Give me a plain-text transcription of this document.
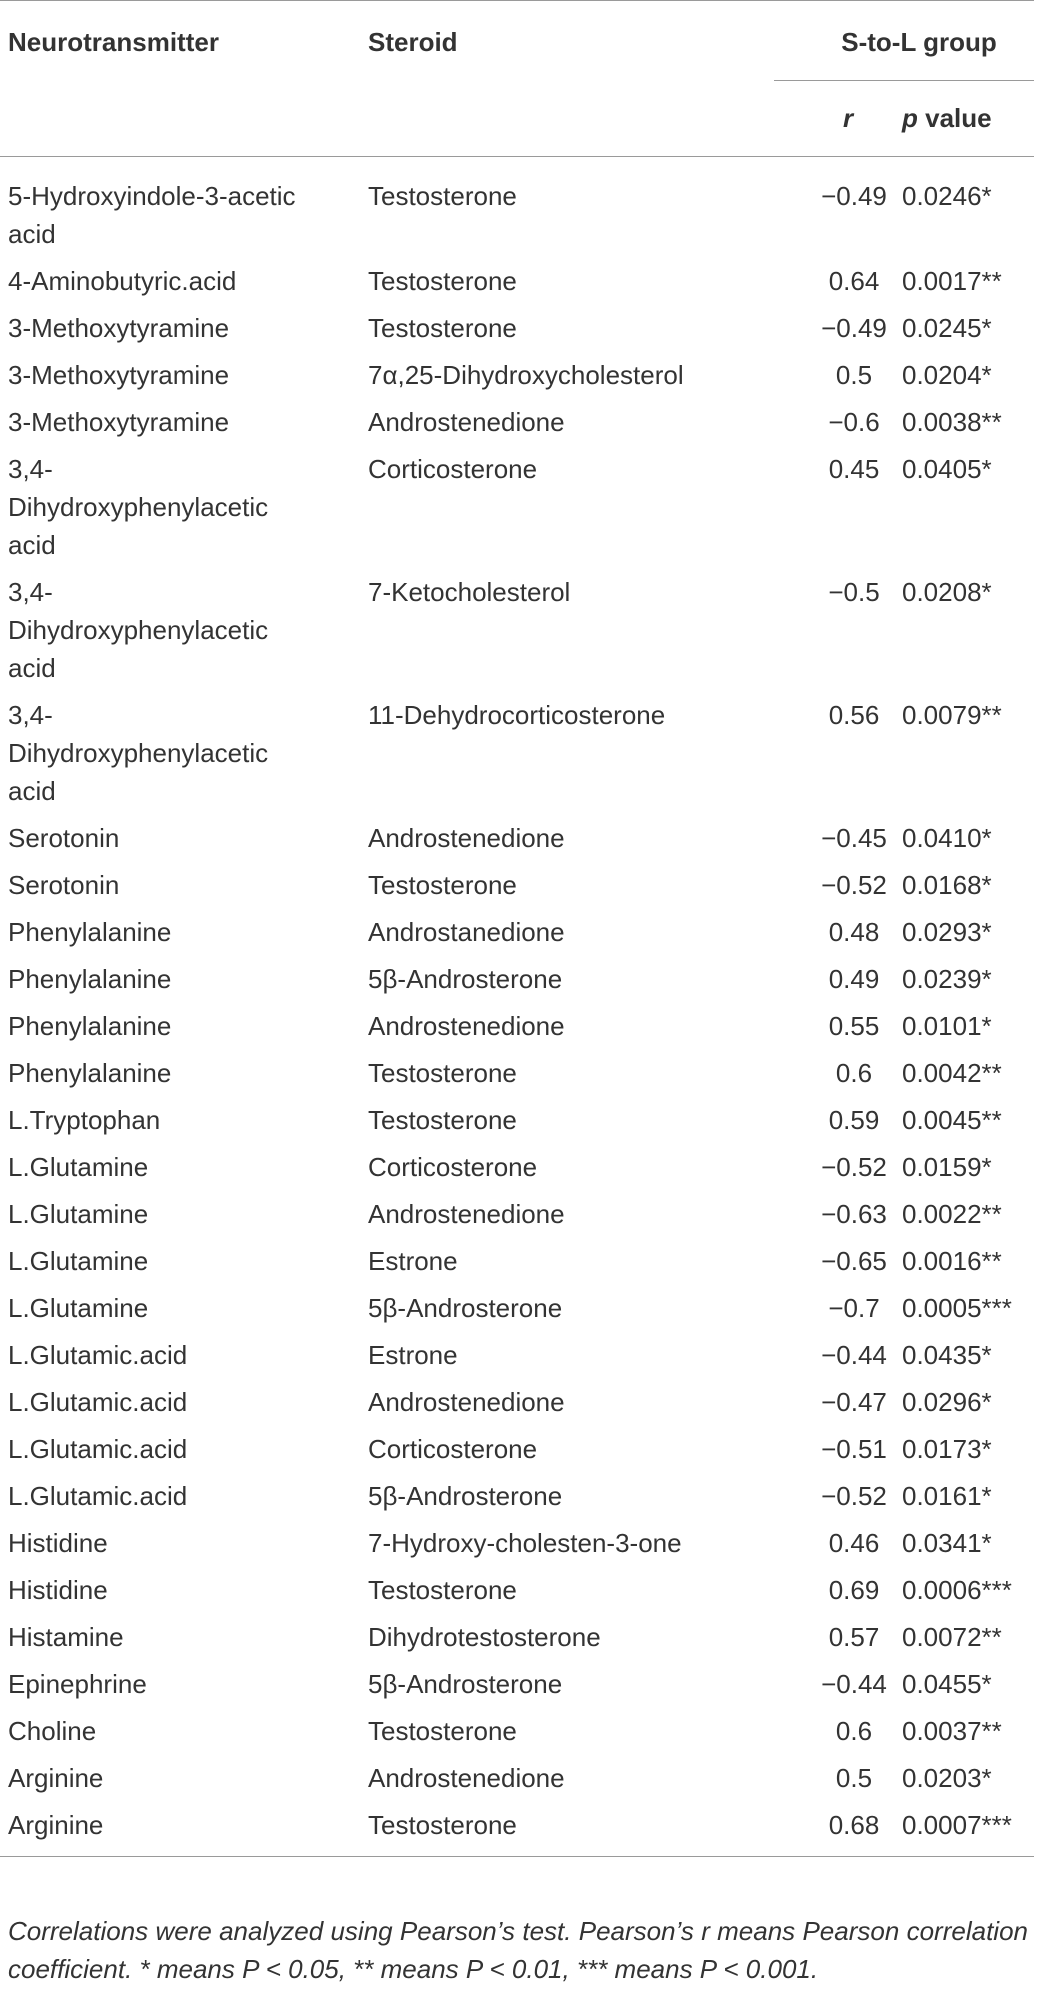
Neurotransmitter	Steroid	S-to-L group	
		r	p value
5-Hydroxyindole-3-acetic acid	Testosterone	−0.49	0.0246*
4-Aminobutyric.acid	Testosterone	0.64	0.0017**
3-Methoxytyramine	Testosterone	−0.49	0.0245*
3-Methoxytyramine	7α,25-Dihydroxycholesterol	0.5	0.0204*
3-Methoxytyramine	Androstenedione	−0.6	0.0038**
3,4-Dihydroxyphenylacetic acid	Corticosterone	0.45	0.0405*
3,4-Dihydroxyphenylacetic acid	7-Ketocholesterol	−0.5	0.0208*
3,4-Dihydroxyphenylacetic acid	11-Dehydrocorticosterone	0.56	0.0079**
Serotonin	Androstenedione	−0.45	0.0410*
Serotonin	Testosterone	−0.52	0.0168*
Phenylalanine	Androstanedione	0.48	0.0293*
Phenylalanine	5β-Androsterone	0.49	0.0239*
Phenylalanine	Androstenedione	0.55	0.0101*
Phenylalanine	Testosterone	0.6	0.0042**
L.Tryptophan	Testosterone	0.59	0.0045**
L.Glutamine	Corticosterone	−0.52	0.0159*
L.Glutamine	Androstenedione	−0.63	0.0022**
L.Glutamine	Estrone	−0.65	0.0016**
L.Glutamine	5β-Androsterone	−0.7	0.0005***
L.Glutamic.acid	Estrone	−0.44	0.0435*
L.Glutamic.acid	Androstenedione	−0.47	0.0296*
L.Glutamic.acid	Corticosterone	−0.51	0.0173*
L.Glutamic.acid	5β-Androsterone	−0.52	0.0161*
Histidine	7-Hydroxy-cholesten-3-one	0.46	0.0341*
Histidine	Testosterone	0.69	0.0006***
Histamine	Dihydrotestosterone	0.57	0.0072**
Epinephrine	5β-Androsterone	−0.44	0.0455*
Choline	Testosterone	0.6	0.0037**
Arginine	Androstenedione	0.5	0.0203*
Arginine	Testosterone	0.68	0.0007***
Correlations were analyzed using Pearson’s test. Pearson’s r means Pearson correlation coefficient. * means P < 0.05, ** means P < 0.01, *** means P < 0.001.
